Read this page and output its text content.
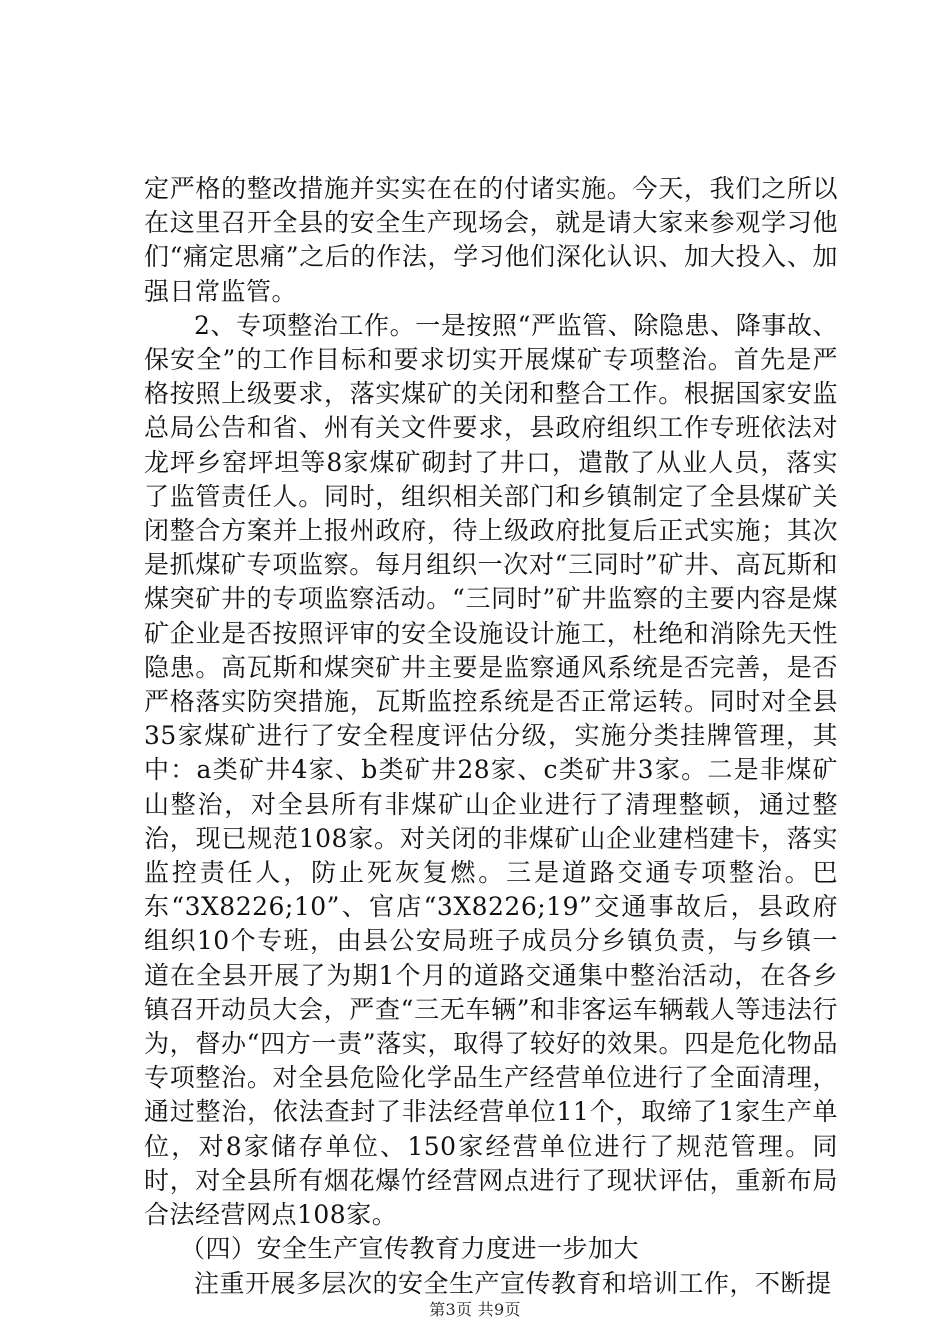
定严格的整改措施并实实在在的付诸实施。今天，我们之所以在这里召开全县的安全生产现场会，就是请大家来参观学习他们“痛定思痛”之后的作法，学习他们深化认识、加大投入、加强日常监管。

2、专项整治工作。一是按照“严监管、除隐患、降事故、保安全”的工作目标和要求切实开展煤矿专项整治。首先是严格按照上级要求，落实煤矿的关闭和整合工作。根据国家安监总局公告和省、州有关文件要求，县政府组织工作专班依法对龙坪乡窑坪坦等8家煤矿砌封了井口，遣散了从业人员，落实了监管责任人。同时，组织相关部门和乡镇制定了全县煤矿关闭整合方案并上报州政府，待上级政府批复后正式实施；其次是抓煤矿专项监察。每月组织一次对“三同时”矿井、高瓦斯和煤突矿井的专项监察活动。“三同时”矿井监察的主要内容是煤矿企业是否按照评审的安全设施设计施工，杜绝和消除先天性隐患。高瓦斯和煤突矿井主要是监察通风系统是否完善，是否严格落实防突措施，瓦斯监控系统是否正常运转。同时对全县35家煤矿进行了安全程度评估分级，实施分类挂牌管理，其中：a类矿井4家、b类矿井28家、c类矿井3家。二是非煤矿山整治，对全县所有非煤矿山企业进行了清理整顿，通过整治，现已规范108家。对关闭的非煤矿山企业建档建卡，落实监控责任人，防止死灰复燃。三是道路交通专项整治。巴东“3X8226;10”、官店“3X8226;19”交通事故后，县政府组织10个专班，由县公安局班子成员分乡镇负责，与乡镇一道在全县开展了为期1个月的道路交通集中整治活动，在各乡镇召开动员大会，严查“三无车辆”和非客运车辆载人等违法行为，督办“四方一责”落实，取得了较好的效果。四是危化物品专项整治。对全县危险化学品生产经营单位进行了全面清理，通过整治，依法查封了非法经营单位11个，取缔了1家生产单位，对8家储存单位、150家经营单位进行了规范管理。同时，对全县所有烟花爆竹经营网点进行了现状评估，重新布局合法经营网点108家。

（四）安全生产宣传教育力度进一步加大

注重开展多层次的安全生产宣传教育和培训工作，不断提

第3页 共9页
